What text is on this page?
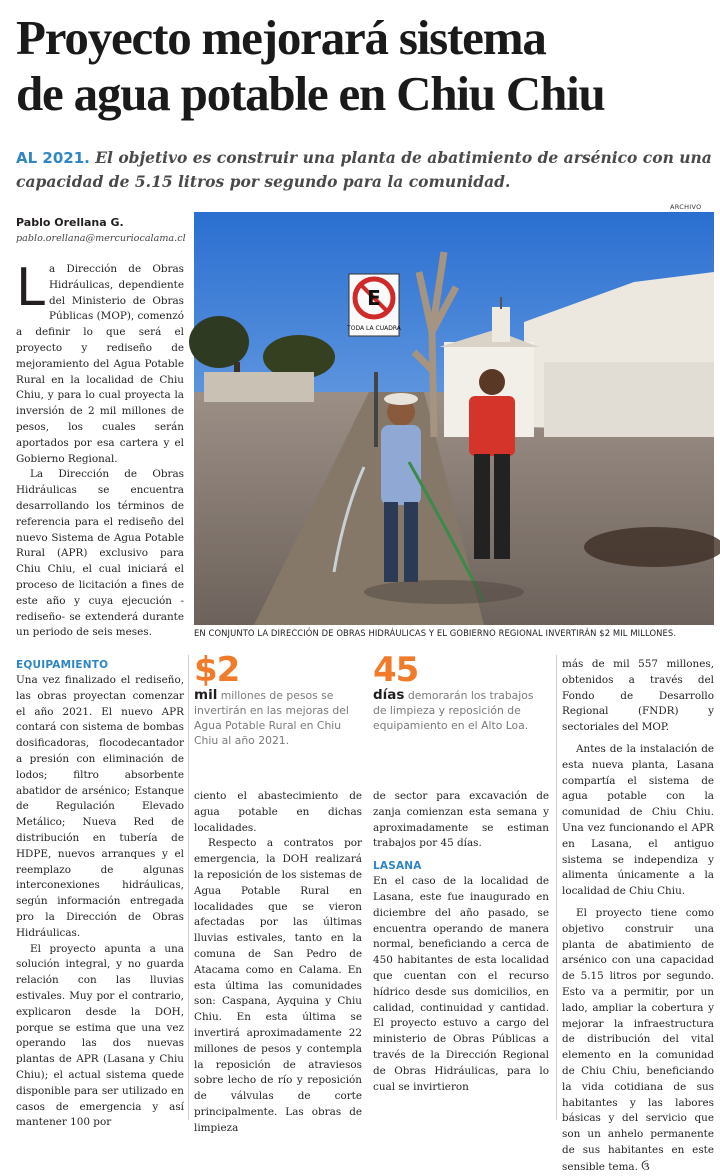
Proyecto mejorará sistema
de agua potable en Chiu Chiu
AL 2021. El objetivo es construir una planta de abatimiento de arsénico con una capacidad de 5.15 litros por segundo para la comunidad.
Pablo Orellana G.
pablo.orellana@mercuriocalama.cl
ARCHIVO
E
TODA LA CUADRA
EN CONJUNTO LA DIRECCIÓN DE OBRAS HIDRÁULICAS Y EL GOBIERNO REGIONAL INVERTIRÁN $2 MIL MILLONES.
L a Dirección de Obras Hidráulicas, dependiente del Ministerio de Obras Públicas (MOP), comenzó a definir lo que será el proyecto y rediseño de mejoramiento del Agua Potable Rural en la localidad de Chiu Chiu, y para lo cual proyecta la inversión de 2 mil millones de pesos, los cuales serán aportados por esa cartera y el Gobierno Regional.

La Dirección de Obras Hidráulicas se encuentra desarrollando los términos de referencia para el rediseño del nuevo Sistema de Agua Potable Rural (APR) exclusivo para Chiu Chiu, el cual iniciará el proceso de licitación a fines de este año y cuya ejecución -rediseño- se extenderá durante un periodo de seis meses.

EQUIPAMIENTO

Una vez finalizado el rediseño, las obras proyectan comenzar el año 2021. El nuevo APR contará con sistema de bombas dosificadoras, flocodecantador a presión con eliminación de lodos; filtro absorbente abatidor de arsénico; Estanque de Regulación Elevado Metálico; Nueva Red de distribución en tubería de HDPE, nuevos arranques y el reemplazo de algunas interconexiones hidráulicas, según información entregada pro la Dirección de Obras Hidráulicas.

El proyecto apunta a una solución integral, y no guarda relación con las lluvias estivales. Muy por el contrario, explicaron desde la DOH, porque se estima que una vez operando las dos nuevas plantas de APR (Lasana y Chiu Chiu); el actual sistema quede disponible para ser utilizado en casos de emergencia y así mantener 100 por

$2
mil millones de pesos se invertirán en las mejoras del Agua Potable Rural en Chiu Chiu al año 2021.
45
días demorarán los trabajos de limpieza y reposición de equipamiento en el Alto Loa.

ciento el abastecimiento de agua potable en dichas localidades.

Respecto a contratos por emergencia, la DOH realizará la reposición de los sistemas de Agua Potable Rural en localidades que se vieron afectadas por las últimas lluvias estivales, tanto en la comuna de San Pedro de Atacama como en Calama. En esta última las comunidades son: Caspana, Ayquina y Chiu Chiu. En esta última se invertirá aproximadamente 22 millones de pesos y contempla la reposición de atraviesos sobre lecho de río y reposición de válvulas de corte principalmente. Las obras de limpieza

de sector para excavación de zanja comienzan esta semana y aproximadamente se estiman trabajos por 45 días.

LASANA

En el caso de la localidad de Lasana, este fue inaugurado en diciembre del año pasado, se encuentra operando de manera normal, beneficiando a cerca de 450 habitantes de esta localidad que cuentan con el recurso hídrico desde sus domicilios, en calidad, continuidad y cantidad. El proyecto estuvo a cargo del ministerio de Obras Públicas a través de la Dirección Regional de Obras Hidráulicas, para lo cual se invirtieron

más de mil 557 millones, obtenidos a través del Fondo de Desarrollo Regional (FNDR) y sectoriales del MOP.

Antes de la instalación de esta nueva planta, Lasana compartía el sistema de agua potable con la comunidad de Chiu Chiu. Una vez funcionando el APR en Lasana, el antiguo sistema se independiza y alimenta únicamente a la localidad de Chiu Chiu.

El proyecto tiene como objetivo construir una planta de abatimiento de arsénico con una capacidad de 5.15 litros por segundo. Esto va a permitir, por un lado, ampliar la cobertura y mejorar la infraestructura de distribución del vital elemento en la comunidad de Chiu Chiu, beneficiando la vida cotidiana de sus habitantes y las labores básicas y del servicio que son un anhelo permanente de sus habitantes en este sensible tema. ઉ
